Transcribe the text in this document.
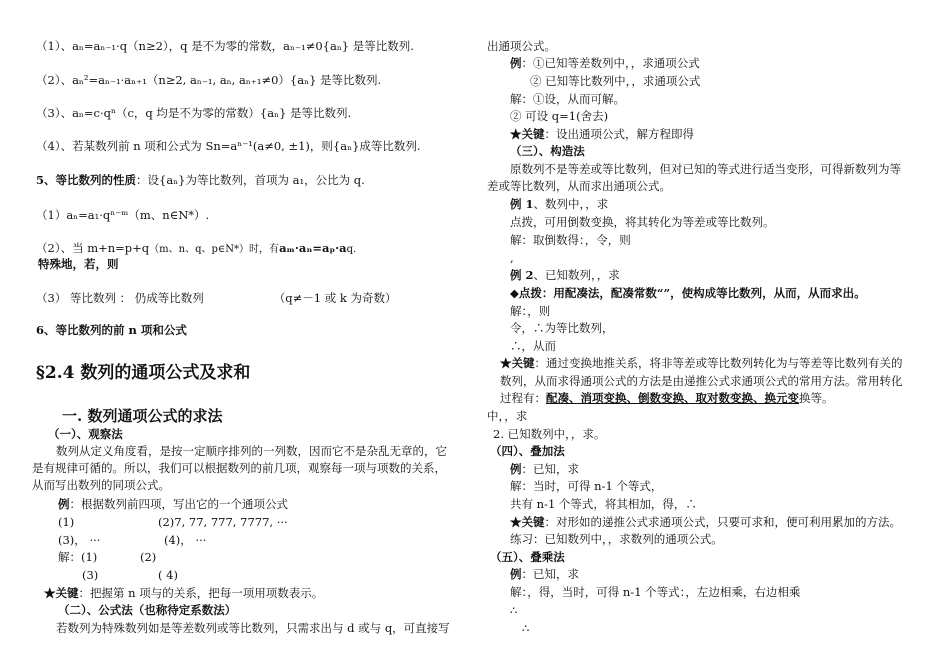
（1）、aₙ=aₙ₋₁·q（n≥2），q 是不为零的常数，aₙ₋₁≠0{aₙ} 是等比数列.
（2）、aₙ²=aₙ₋₁·aₙ₊₁（n≥2, aₙ₋₁, aₙ, aₙ₊₁≠0）{aₙ} 是等比数列.
（3）、aₙ=c·qⁿ（c，q 均是不为零的常数）{aₙ} 是等比数列.
（4）、若某数列前 n 项和公式为 Sn=aⁿ⁻¹(a≠0, ±1)，则{aₙ}成等比数列.
5、等比数列的性质：设{aₙ}为等比数列，首项为 a₁，公比为 q.
（1）aₙ=a₁·qⁿ⁻ᵐ（m、n∈N*）.
（2）、当 m+n=p+q（m、n、q、p∈N*）时，有aₘ·aₙ=aₚ·aq.
特殊地，若，则
（3） 等比数列 ： 仍成等比数列	（q≠－1 或 k 为奇数）
6、等比数列的前 n 项和公式
§2.4 数列的通项公式及求和
一. 数列通项公式的求法
（一）、观察法
数列从定义角度看，是按一定顺序排列的一列数，因而它不是杂乱无章的，它
是有规律可循的。所以，我们可以根据数列的前几项，观察每一项与项数的关系，
从而写出数列的同项公式。
例：根据数列前四项，写出它的一个通项公式
(1)	(2)7, 77, 777, 7777, ···
(3)， ···	(4)， ···
解：(1)	(2)
(3)	( 4)
★关键：把握第 n 项与的关系，把每一项用项数表示。
（二）、公式法（也称待定系数法）
若数列为特殊数列如是等差数列或等比数列，只需求出与 d 或与 q，可直接写
出通项公式。
例：①已知等差数列中，，求通项公式
② 已知等比数列中，，求通项公式
解：①设，从而可解。
② 可设 q=1(舍去)
★关键：设出通项公式，解方程即得
（三）、构造法
原数列不是等差或等比数列，但对已知的等式进行适当变形，可得新数列为等
差或等比数列，从而求出通项公式。
例 1、数列中，，求
点拨，可用倒数变换，将其转化为等差或等比数列。
解：取倒数得：，令，则
,
例 2、已知数列，，求
◆点拨：用配凑法，配凑常数“”，使构成等比数列，从而，从而求出。
解：，则
令，∴为等比数列，
∴，从而
★关键：通过变换地推关系，将非等差或等比数列转化为与等差等比数列有关的
数列，从而求得通项公式的方法是由递推公式求通项公式的常用方法。常用转化
过程有：配凑、消项变换、倒数变换、取对数变换、换元变换等。
中，，求
2. 已知数列中，，求。
（四）、叠加法
例：已知，求
解：当时，可得 n-1 个等式，
共有 n-1 个等式，将其相加，得，∴
★关键：对形如的递推公式求通项公式，只要可求和，便可利用累加的方法。
练习：已知数列中，，求数列的通项公式。
（五）、叠乘法
例：已知，求
解：，得，当时，可得 n-1 个等式：，左边相乘，右边相乘
∴
∴
